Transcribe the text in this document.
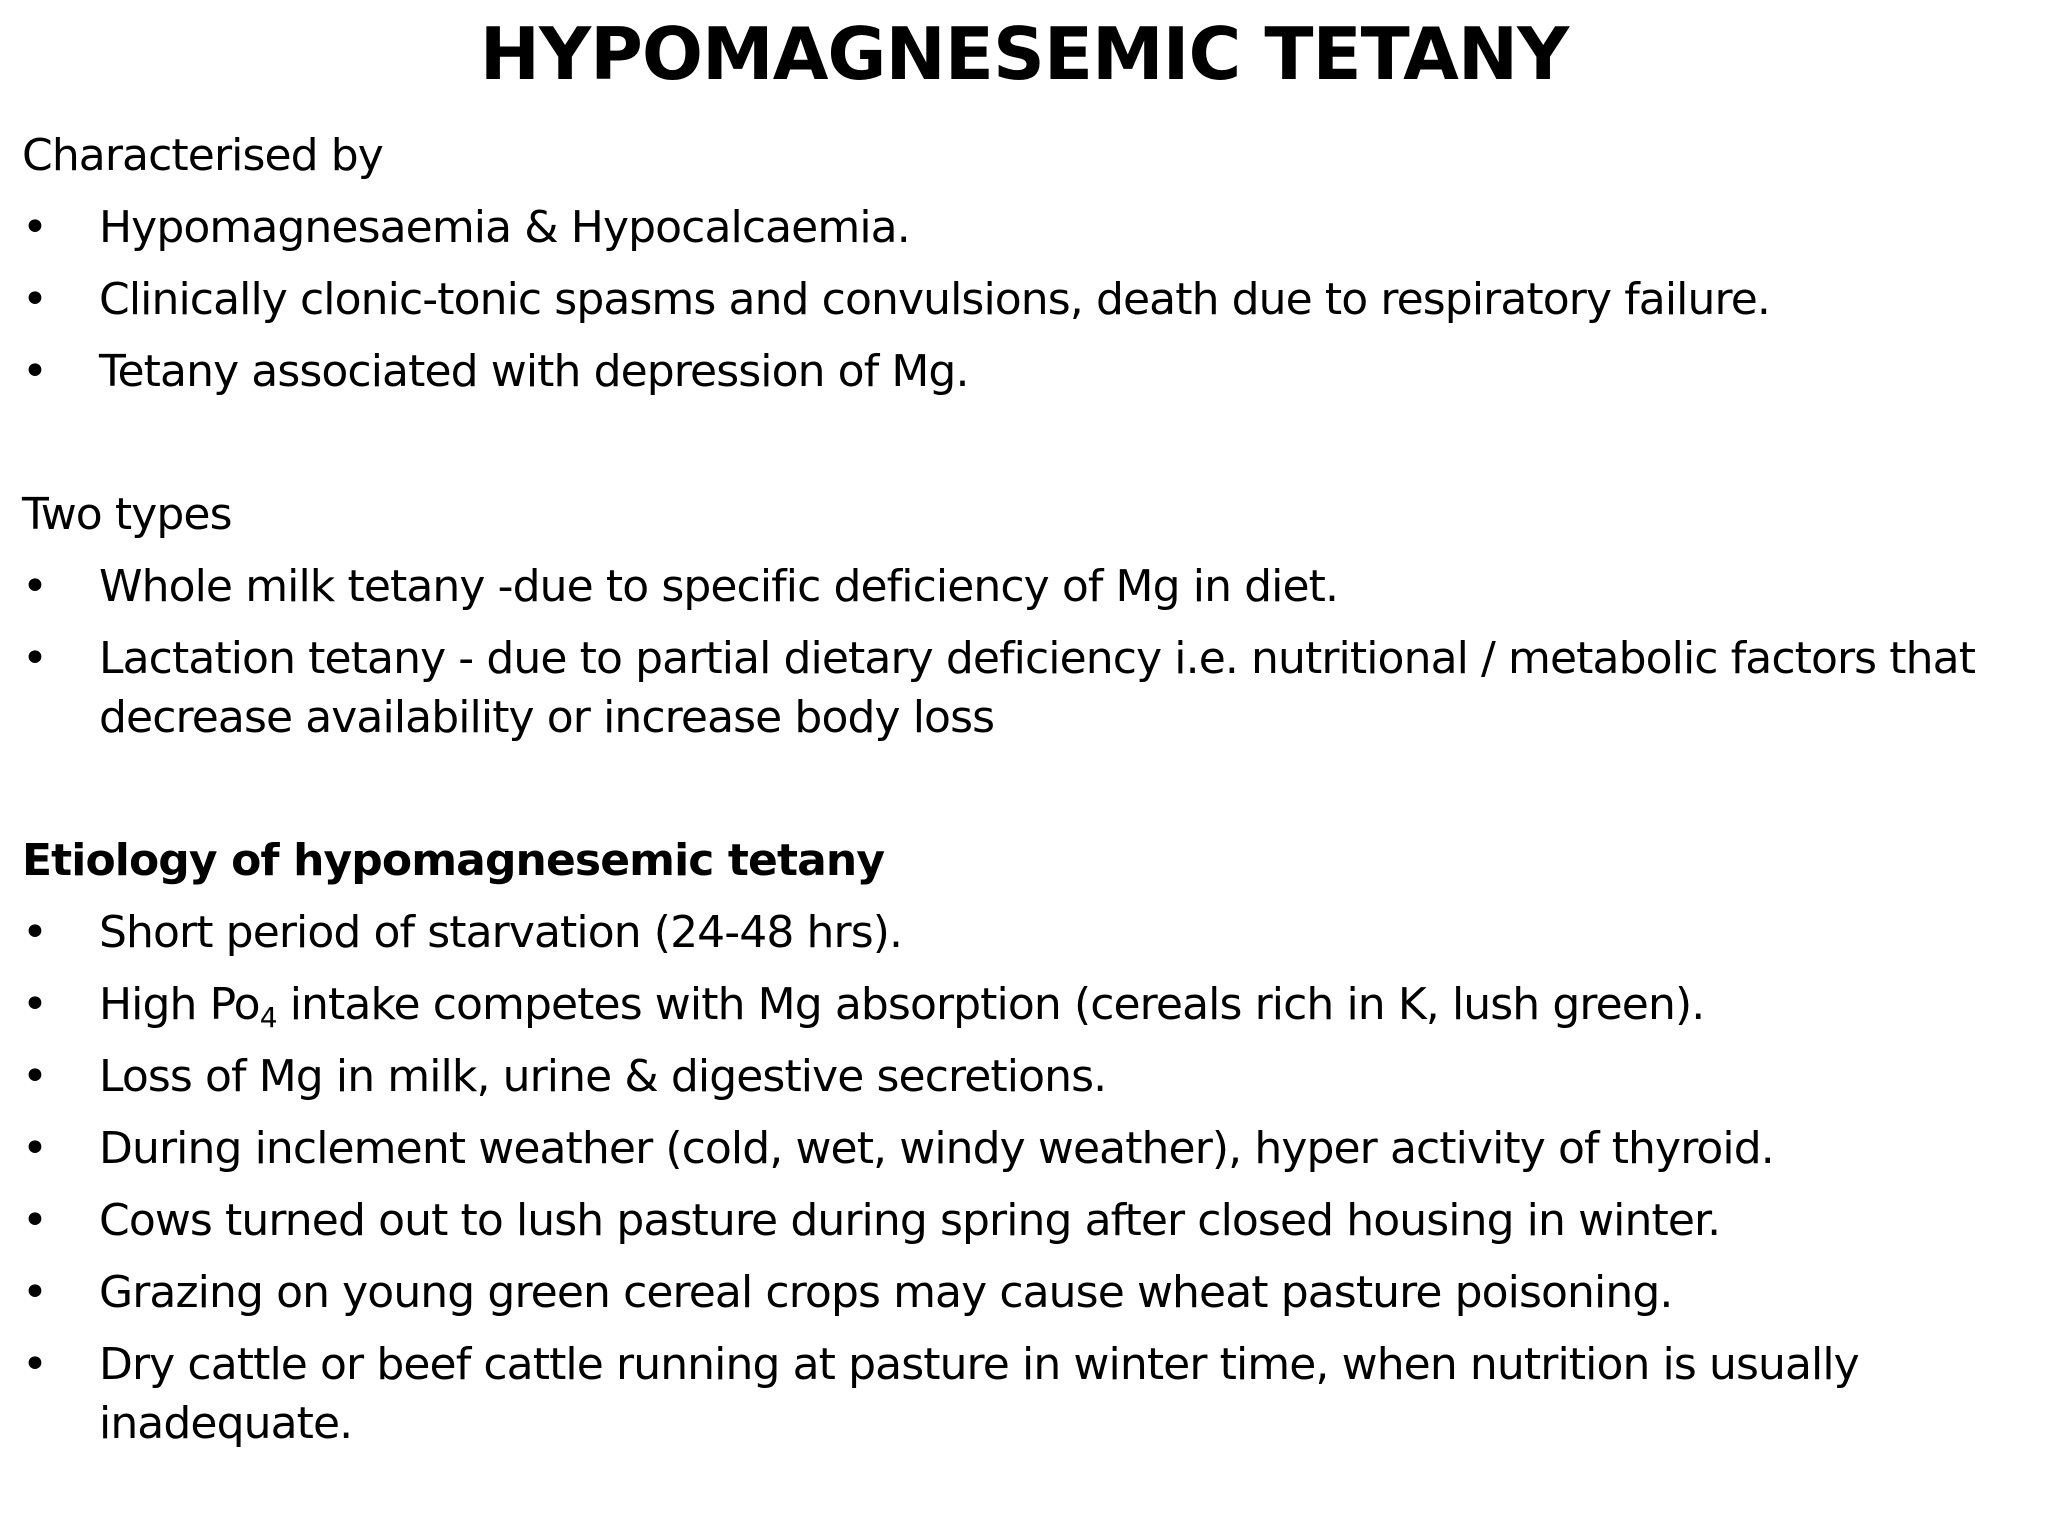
HYPOMAGNESEMIC TETANY
Characterised by
• Hypomagnesaemia & Hypocalcaemia.
• Clinically clonic-tonic spasms and convulsions, death due to respiratory failure.
• Tetany associated with depression of Mg.
Two types
• Whole milk tetany -due to specific deficiency of Mg in diet.
• Lactation tetany - due to partial dietary deficiency i.e. nutritional / metabolic factors that decrease availability or increase body loss
Etiology of hypomagnesemic tetany
• Short period of starvation (24-48 hrs).
• High $Po_4$ intake competes with Mg absorption (cereals rich in K, lush green).
• Loss of Mg in milk, urine & digestive secretions.
• During inclement weather (cold, wet, windy weather), hyper activity of thyroid.
• Cows turned out to lush pasture during spring after closed housing in winter.
• Grazing on young green cereal crops may cause wheat pasture poisoning.
• Dry cattle or beef cattle running at pasture in winter time, when nutrition is usually inadequate.
